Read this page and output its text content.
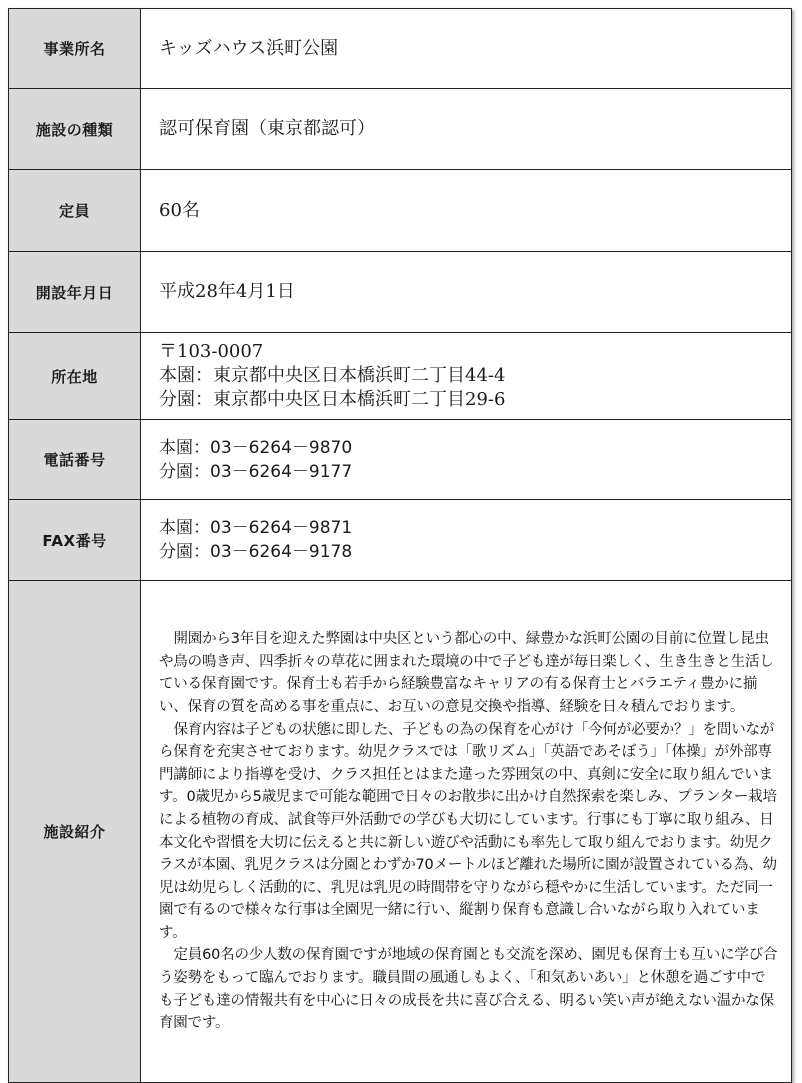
事業所名	キッズハウス浜町公園

施設の種類	認可保育園（東京都認可）

定員	60名

開設年月日	平成28年4月1日

所在地	〒103-0007
本園：東京都中央区日本橋浜町二丁目44-4
分園：東京都中央区日本橋浜町二丁目29-6

電話番号	本園：03－6264－9870
分園：03－6264－9177

FAX番号	本園：03－6264－9871
分園：03－6264－9178

施設紹介	開園から3年目を迎えた弊園は中央区という都心の中、緑豊かな浜町公園の目前に位置し昆虫や鳥の鳴き声、四季折々の草花に囲まれた環境の中で子ども達が毎日楽しく、生き生きと生活している保育園です。保育士も若手から経験豊富なキャリアの有る保育士とバラエティ豊かに揃い、保育の質を高める事を重点に、お互いの意見交換や指導、経験を日々積んでおります。

保育内容は子どもの状態に即した、子どもの為の保育を心がけ「今何が必要か？」を問いながら保育を充実させております。幼児クラスでは「歌リズム」「英語であそぼう」「体操」が外部専門講師により指導を受け、クラス担任とはまた違った雰囲気の中、真剣に安全に取り組んでいます。0歳児から5歳児まで可能な範囲で日々のお散歩に出かけ自然探索を楽しみ、プランター栽培による植物の育成、試食等戸外活動での学びも大切にしています。行事にも丁寧に取り組み、日本文化や習慣を大切に伝えると共に新しい遊びや活動にも率先して取り組んでおります。幼児クラスが本園、乳児クラスは分園とわずか70メートルほど離れた場所に園が設置されている為、幼児は幼児らしく活動的に、乳児は乳児の時間帯を守りながら穏やかに生活しています。ただ同一園で有るので様々な行事は全園児一緒に行い、縦割り保育も意識し合いながら取り入れています。

定員60名の少人数の保育園ですが地域の保育園とも交流を深め、園児も保育士も互いに学び合う姿勢をもって臨んでおります。職員間の風通しもよく、「和気あいあい」と休憩を過ごす中でも子ども達の情報共有を中心に日々の成長を共に喜び合える、明るい笑い声が絶えない温かな保育園です。
